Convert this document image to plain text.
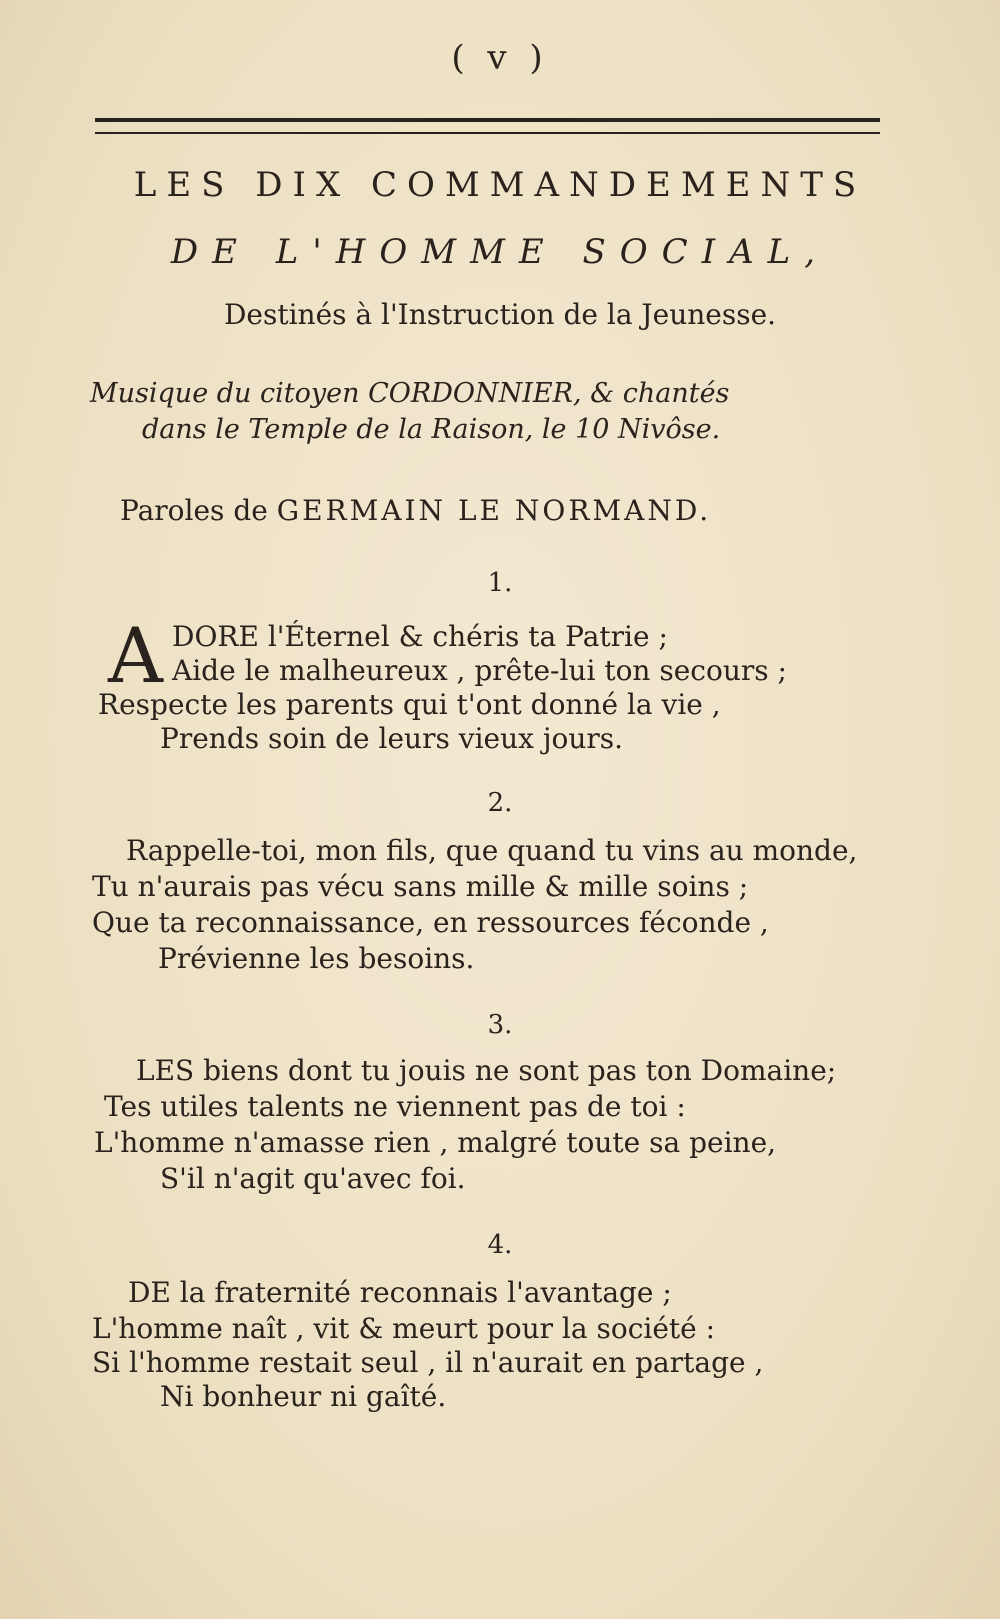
( v )
LES DIX COMMANDEMENTS
DE L'HOMME SOCIAL,
Destinés à l'Instruction de la Jeunesse.
Musique du citoyen CORDONNIER, & chantés
dans le Temple de la Raison, le 10 Nivôse.
Paroles de GERMAIN LE NORMAND.
1.
A DORE l'Éternel & chéris ta Patrie ;
Aide le malheureux , prête-lui ton secours ;
Respecte les parents qui t'ont donné la vie ,
Prends soin de leurs vieux jours.
2.
Rappelle-toi, mon fils, que quand tu vins au monde,
Tu n'aurais pas vécu sans mille & mille soins ;
Que ta reconnaissance, en ressources féconde ,
Prévienne les besoins.
3.
LES biens dont tu jouis ne sont pas ton Domaine;
Tes utiles talents ne viennent pas de toi :
L'homme n'amasse rien , malgré toute sa peine,
S'il n'agit qu'avec foi.
4.
DE la fraternité reconnais l'avantage ;
L'homme naît , vit & meurt pour la société :
Si l'homme restait seul , il n'aurait en partage ,
Ni bonheur ni gaîté.
